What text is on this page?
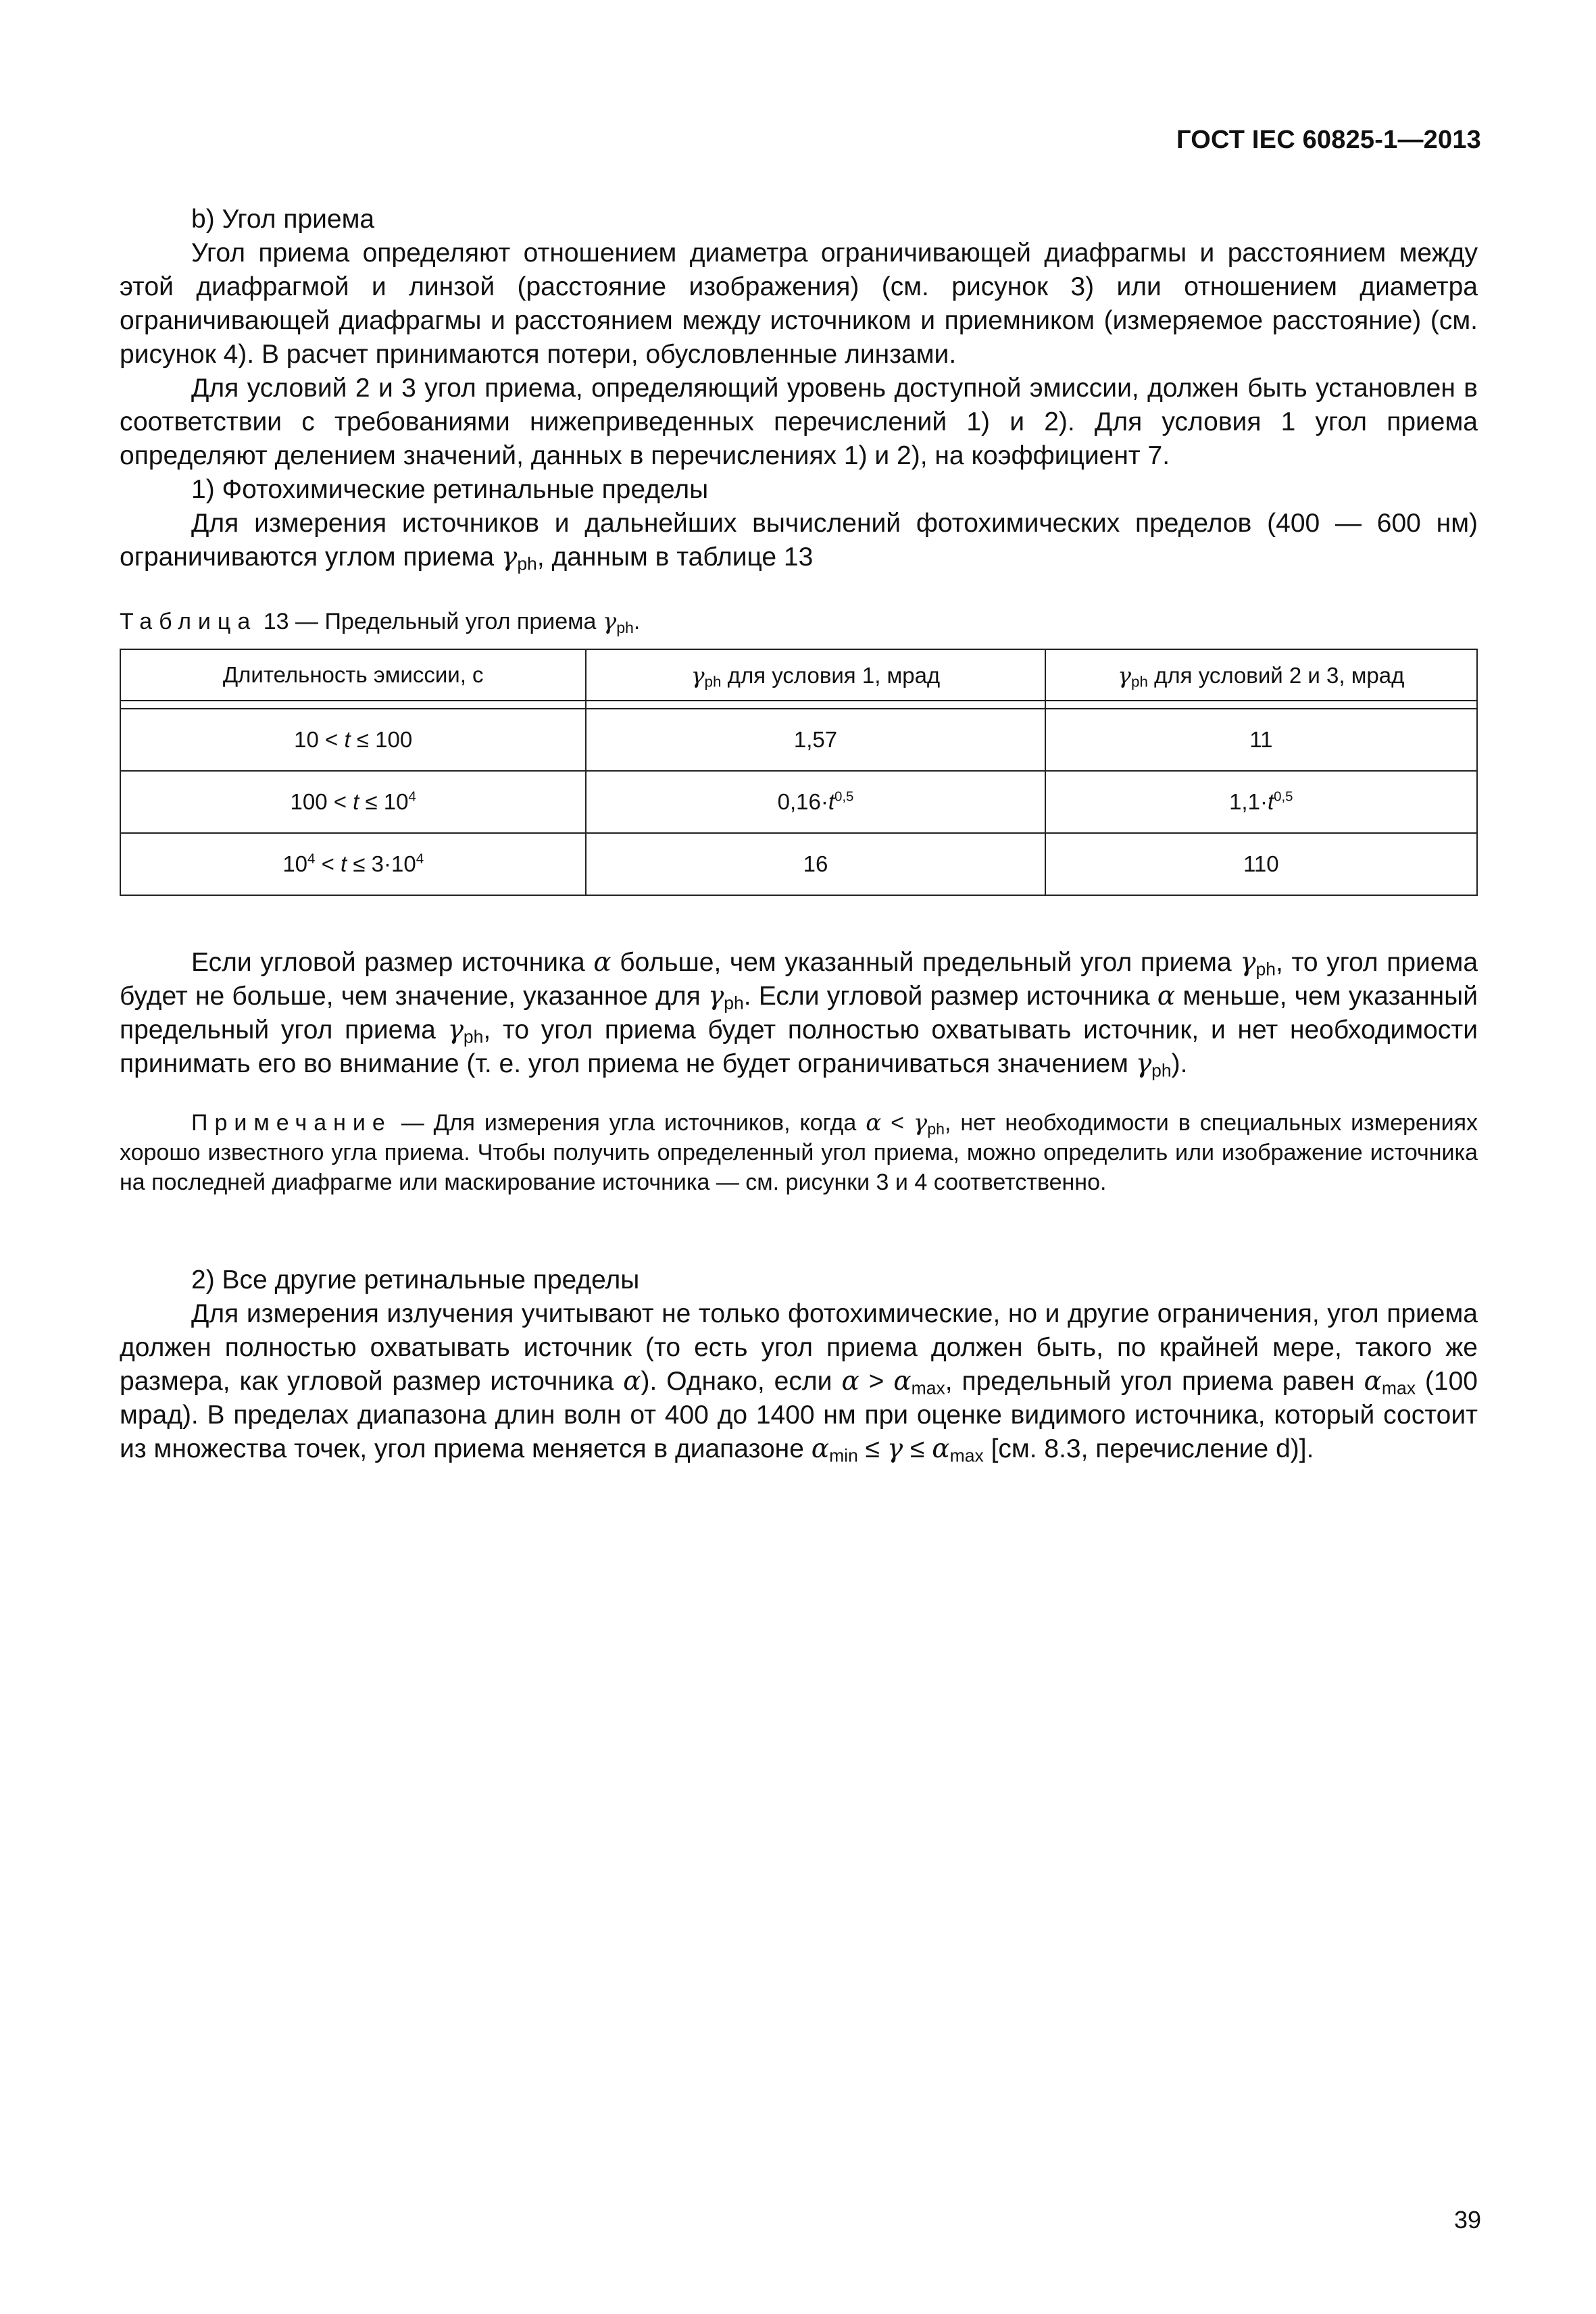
ГОСТ IEC 60825-1—2013

b) Угол приема

Угол приема определяют отношением диаметра ограничивающей диафрагмы и расстоянием между этой диафрагмой и линзой (расстояние изображения) (см. рисунок 3) или отношением диаметра ограничивающей диафрагмы и расстоянием между источником и приемником (измеряемое расстояние) (см. рисунок 4). В расчет принимаются потери, обусловленные линзами.

Для условий 2 и 3 угол приема, определяющий уровень доступной эмиссии, должен быть установлен в соответствии с требованиями нижеприведенных перечислений 1) и 2). Для условия 1 угол приема определяют делением значений, данных в перечислениях 1) и 2), на коэффициент 7.

1) Фотохимические ретинальные пределы

Для измерения источников и дальнейших вычислений фотохимических пределов (400 — 600 нм) ограничиваются углом приема $\gamma_{ph}$, данным в таблице 13

Таблица 13 — Предельный угол приема $\gamma_{ph}$.
Длительность эмиссии, с	$\gamma_{ph}$ для условия 1, мрад	$\gamma_{ph}$ для условий 2 и 3, мрад

10 < t ≤ 100	1,57	11
$100 < t \le 10^4$	$0,16\cdot t^{0,5}$	$1,1\cdot t^{0,5}$
$10^4 < t \le 3\cdot 10^4$	16	110

Если угловой размер источника α больше, чем указанный предельный угол приема $\gamma_{ph}$, то угол приема будет не больше, чем значение, указанное для $\gamma_{ph}$. Если угловой размер источника α меньше, чем указанный предельный угол приема $\gamma_{ph}$, то угол приема будет полностью охватывать источник, и нет необходимости принимать его во внимание (т. е. угол приема не будет ограничиваться значением $\gamma_{ph}$).

Примечание — Для измерения угла источников, когда $\alpha < \gamma_{ph}$, нет необходимости в специальных измерениях хорошо известного угла приема. Чтобы получить определенный угол приема, можно определить или изображение источника на последней диафрагме или маскирование источника — см. рисунки 3 и 4 соответственно.

2) Все другие ретинальные пределы

Для измерения излучения учитывают не только фотохимические, но и другие ограничения, угол приема должен полностью охватывать источник (то есть угол приема должен быть, по крайней мере, такого же размера, как угловой размер источника α). Однако, если $\alpha > \alpha_{max}$, предельный угол приема равен $\alpha_{max}$ (100 мрад). В пределах диапазона длин волн от 400 до 1400 нм при оценке видимого источника, который состоит из множества точек, угол приема меняется в диапазоне $\alpha_{min} \le \gamma \le \alpha_{max}$ [см. 8.3, перечисление d)].

39
